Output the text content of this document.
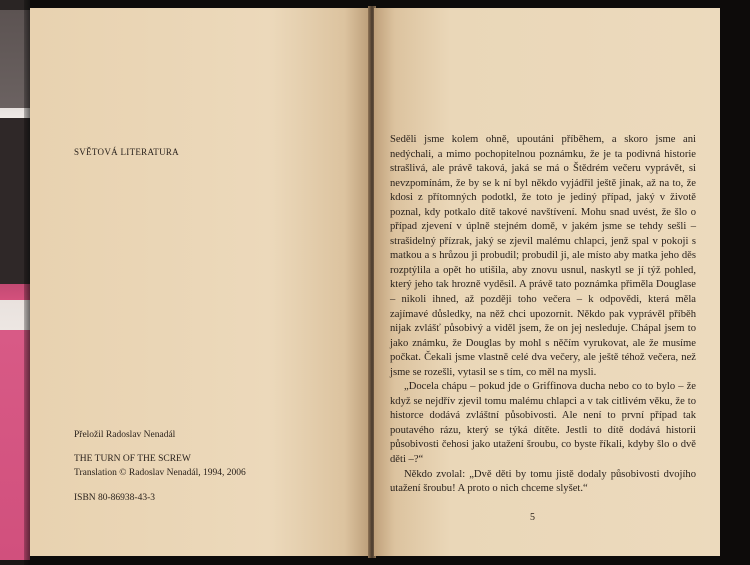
SVĚTOVÁ LITERATURA
Přeložil Radoslav Nenadál
THE TURN OF THE SCREW
Translation © Radoslav Nenadál, 1994, 2006
ISBN 80-86938-43-3

Seděli jsme kolem ohně, upoutáni příběhem, a skoro jsme ani nedýchali, a mimo pochopitelnou poznámku, že je ta podivná historie strašlivá, ale právě taková, jaká se má o Štědrém večeru vyprávět, si nevzpomínám, že by se k ní byl někdo vyjádřil ještě jinak, až na to, že kdosi z přítomných podotkl, že toto je jediný případ, jaký v životě poznal, kdy potkalo dítě takové navštívení. Mohu snad uvést, že šlo o případ zjevení v úplně stejném domě, v jakém jsme se tehdy sešli – strašidelný přízrak, jaký se zjevil malému chlapci, jenž spal v pokoji s matkou a s hrůzou ji probudil; probudil ji, ale místo aby matka jeho děs rozptýlila a opět ho utišila, aby znovu usnul, naskytl se jí týž pohled, který jeho tak hrozně vyděsil. A právě tato poznámka přiměla Douglase – nikoli ihned, až později toho večera – k odpovědi, která měla zajímavé důsledky, na něž chci upozornit. Někdo pak vyprávěl příběh nijak zvlášť působivý a viděl jsem, že on jej nesleduje. Chápal jsem to jako známku, že Douglas by mohl s něčím vyrukovat, ale že musíme počkat. Čekali jsme vlastně celé dva večery, ale ještě téhož večera, než jsme se rozešli, vytasil se s tím, co měl na mysli.

„Docela chápu – pokud jde o Griffinova ducha nebo co to bylo – že když se nejdřív zjevil tomu malému chlapci a v tak citlivém věku, že to historce dodává zvláštní působivosti. Ale není to první případ tak poutavého rázu, který se týká dítěte. Jestli to dítě dodává historii působivosti čehosi jako utažení šroubu, co byste říkali, kdyby šlo o dvě děti –?“

Někdo zvolal: „Dvě děti by tomu jistě dodaly působivosti dvojího utažení šroubu! A proto o nich chceme slyšet.“

5
